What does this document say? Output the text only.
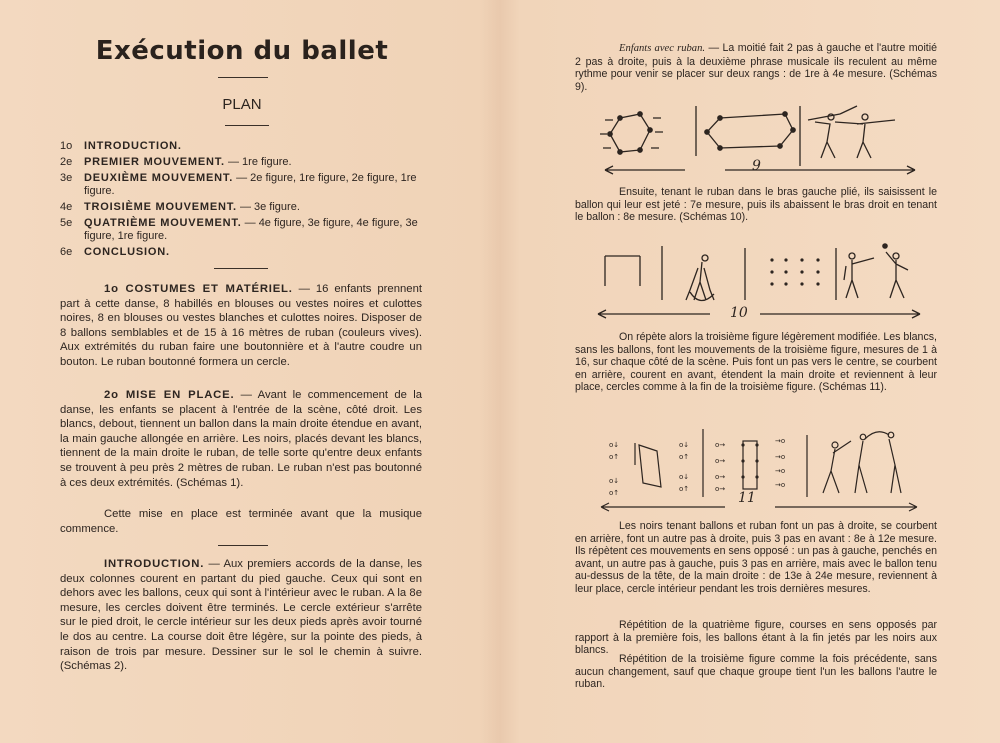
Exécution du ballet
PLAN
1o INTRODUCTION.
2e PREMIER MOUVEMENT. — 1re figure.
3e DEUXIÈME MOUVEMENT. — 2e figure, 1re figure, 2e figure, 1re figure.
4e TROISIÈME MOUVEMENT. — 3e figure.
5e QUATRIÈME MOUVEMENT. — 4e figure, 3e figure, 4e figure, 3e figure, 1re figure.
6e CONCLUSION.
1o COSTUMES ET MATÉRIEL. — 16 enfants prennent part à cette danse, 8 habillés en blouses ou vestes noires et culottes noires, 8 en blouses ou vestes blanches et culottes noires. Disposer de 8 ballons semblables et de 15 à 16 mètres de ruban (couleurs vives). Aux extrémités du ruban faire une boutonnière et à l'autre coudre un bouton. Le ruban boutonné formera un cercle.
2o MISE EN PLACE. — Avant le commencement de la danse, les enfants se placent à l'entrée de la scène, côté droit. Les blancs, debout, tiennent un ballon dans la main droite étendue en avant, la main gauche allongée en arrière. Les noirs, placés devant les blancs, tiennent de la main droite le ruban, de telle sorte qu'entre deux enfants se trouvent à peu près 2 mètres de ruban. Le ruban n'est pas boutonné à ces deux extrémités. (Schémas 1).
Cette mise en place est terminée avant que la musique commence.
INTRODUCTION. — Aux premiers accords de la danse, les deux colonnes courent en partant du pied gauche. Ceux qui sont en dehors avec les ballons, ceux qui sont à l'intérieur avec le ruban. A la 8e mesure, les cercles doivent être terminés. Le cercle extérieur s'arrête sur le pied droit, le cercle intérieur sur les deux pieds après avoir tourné le dos au centre. La course doit être légère, sur la pointe des pieds, à raison de trois par mesure. Dessiner sur le sol le chemin à suivre. (Schémas 2).
Enfants avec ruban. — La moitié fait 2 pas à gauche et l'autre moitié 2 pas à droite, puis à la deuxième phrase musicale ils reculent au même rythme pour venir se placer sur deux rangs : de 1re à 4e mesure. (Schémas 9).
9
Ensuite, tenant le ruban dans le bras gauche plié, ils saisissent le ballon qui leur est jeté : 7e mesure, puis ils abaissent le bras droit en tenant le ballon : 8e mesure. (Schémas 10).
10
On répète alors la troisième figure légèrement modifiée. Les blancs, sans les ballons, font les mouvements de la troisième figure, mesures de 1 à 16, sur chaque côté de la scène. Puis font un pas vers le centre, se courbent en arrière, courent en avant, étendent la main droite et reviennent à leur place, cercles comme à la fin de la troisième figure. (Schémas 11).
o↓
o↑
o↓
o↑
o↓
o↑
o↓
o↑
o→
o→
o→
o→
→o
→o
→o
→o
11
Les noirs tenant ballons et ruban font un pas à droite, se courbent en arrière, font un autre pas à droite, puis 3 pas en avant : 8e à 12e mesure. Ils répètent ces mouvements en sens opposé : un pas à gauche, penchés en avant, un autre pas à gauche, puis 3 pas en arrière, mais avec le ballon tenu au-dessus de la tête, de la main droite : de 13e à 24e mesure, reviennent à leur place, cercle intérieur pendant les trois dernières mesures.
Répétition de la quatrième figure, courses en sens opposés par rapport à la première fois, les ballons étant à la fin jetés par les noirs aux blancs.
Répétition de la troisième figure comme la fois précédente, sans aucun changement, sauf que chaque groupe tient l'un les ballons l'autre le ruban.
